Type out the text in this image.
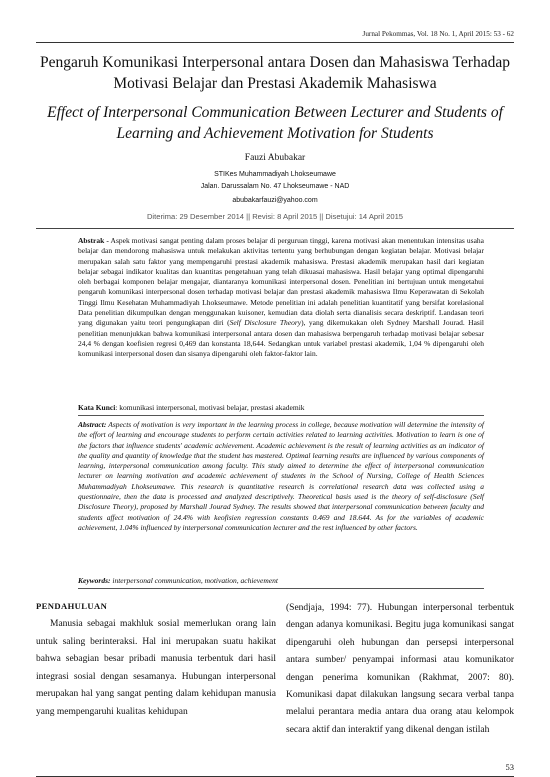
Jurnal Pekommas, Vol. 18 No. 1, April 2015: 53 - 62
Pengaruh Komunikasi Interpersonal antara Dosen dan Mahasiswa Terhadap Motivasi Belajar dan Prestasi Akademik Mahasiswa
Effect of Interpersonal Communication Between Lecturer and Students of Learning and Achievement Motivation for Students
Fauzi Abubakar
STIKes Muhammadiyah Lhokseumawe
Jalan. Darussalam No. 47 Lhokseumawe - NAD
abubakarfauzi@yahoo.com
Diterima: 29 Desember 2014 || Revisi: 8 April 2015 || Disetujui: 14 April 2015
Abstrak - Aspek motivasi sangat penting dalam proses belajar di perguruan tinggi, karena motivasi akan menentukan intensitas usaha belajar dan mendorong mahasiswa untuk melakukan aktivitas tertentu yang berhubungan dengan kegiatan belajar. Motivasi belajar merupakan salah satu faktor yang mempengaruhi prestasi akademik mahasiswa. Prestasi akademik merupakan hasil dari kegiatan belajar sebagai indikator kualitas dan kuantitas pengetahuan yang telah dikuasai mahasiswa. Hasil belajar yang optimal dipengaruhi oleh berbagai komponen belajar mengajar, diantaranya komunikasi interpersonal dosen. Penelitian ini bertujuan untuk mengetahui pengaruh komunikasi interpersonal dosen terhadap motivasi belajar dan prestasi akademik mahasiswa Ilmu Keperawatan di Sekolah Tinggi Ilmu Kesehatan Muhammadiyah Lhokseumawe. Metode penelitian ini adalah penelitian kuantitatif yang bersifat korelasional Data penelitian dikumpulkan dengan menggunakan kuisoner, kemudian data diolah serta dianalisis secara deskriptif. Landasan teori yang digunakan yaitu teori pengungkapan diri (Self Disclosure Theory), yang dikemukakan oleh Sydney Marshall Jourad. Hasil penelitian menunjukkan bahwa komunikasi interpersonal antara dosen dan mahasiswa berpengaruh terhadap motivasi belajar sebesar 24,4 % dengan koefisien regresi 0,469 dan konstanta 18,644. Sedangkan untuk variabel prestasi akademik, 1,04 % dipengaruhi oleh komunikasi interpersonal dosen dan sisanya dipengaruhi oleh faktor-faktor lain.
Kata Kunci: komunikasi interpersonal, motivasi belajar, prestasi akademik
Abstract: Aspects of motivation is very important in the learning process in college, because motivation will determine the intensity of the effort of learning and encourage students to perform certain activities related to learning activities. Motivation to learn is one of the factors that influence students' academic achievement. Academic achievement is the result of learning activities as an indicator of the quality and quantity of knowledge that the student has mastered. Optimal learning results are influenced by various components of learning, interpersonal communication among faculty. This study aimed to determine the effect of interpersonal communication lecturer on learning motivation and academic achievement of students in the School of Nursing, College of Health Sciences Muhammadiyah Lhokseumawe. This research is quantitative research is correlational research data was collected using a questionnaire, then the data is processed and analyzed descriptively. Theoretical basis used is the theory of self-disclosure (Self Disclosure Theory), proposed by Marshall Jourad Sydney. The results showed that interpersonal communication between faculty and students affect motivation of 24.4% with keofisien regression constants 0.469 and 18.644. As for the variables of academic achievement, 1.04% influenced by interpersonal communication lecturer and the rest influenced by other factors.
Keywords: interpersonal communication, motivation, achievement
PENDAHULUAN
Manusia sebagai makhluk sosial memerlukan orang lain untuk saling berinteraksi. Hal ini merupakan suatu hakikat bahwa sebagian besar pribadi manusia terbentuk dari hasil integrasi sosial dengan sesamanya. Hubungan interpersonal merupakan hal yang sangat penting dalam kehidupan manusia yang mempengaruhi kualitas kehidupan
(Sendjaja, 1994: 77). Hubungan interpersonal terbentuk dengan adanya komunikasi. Begitu juga komunikasi sangat dipengaruhi oleh hubungan dan persepsi interpersonal antara sumber/ penyampai informasi atau komunikator dengan penerima komunikan (Rakhmat, 2007: 80). Komunikasi dapat dilakukan langsung secara verbal tanpa melalui perantara media antara dua orang atau kelompok secara aktif dan interaktif yang dikenal dengan istilah
53
